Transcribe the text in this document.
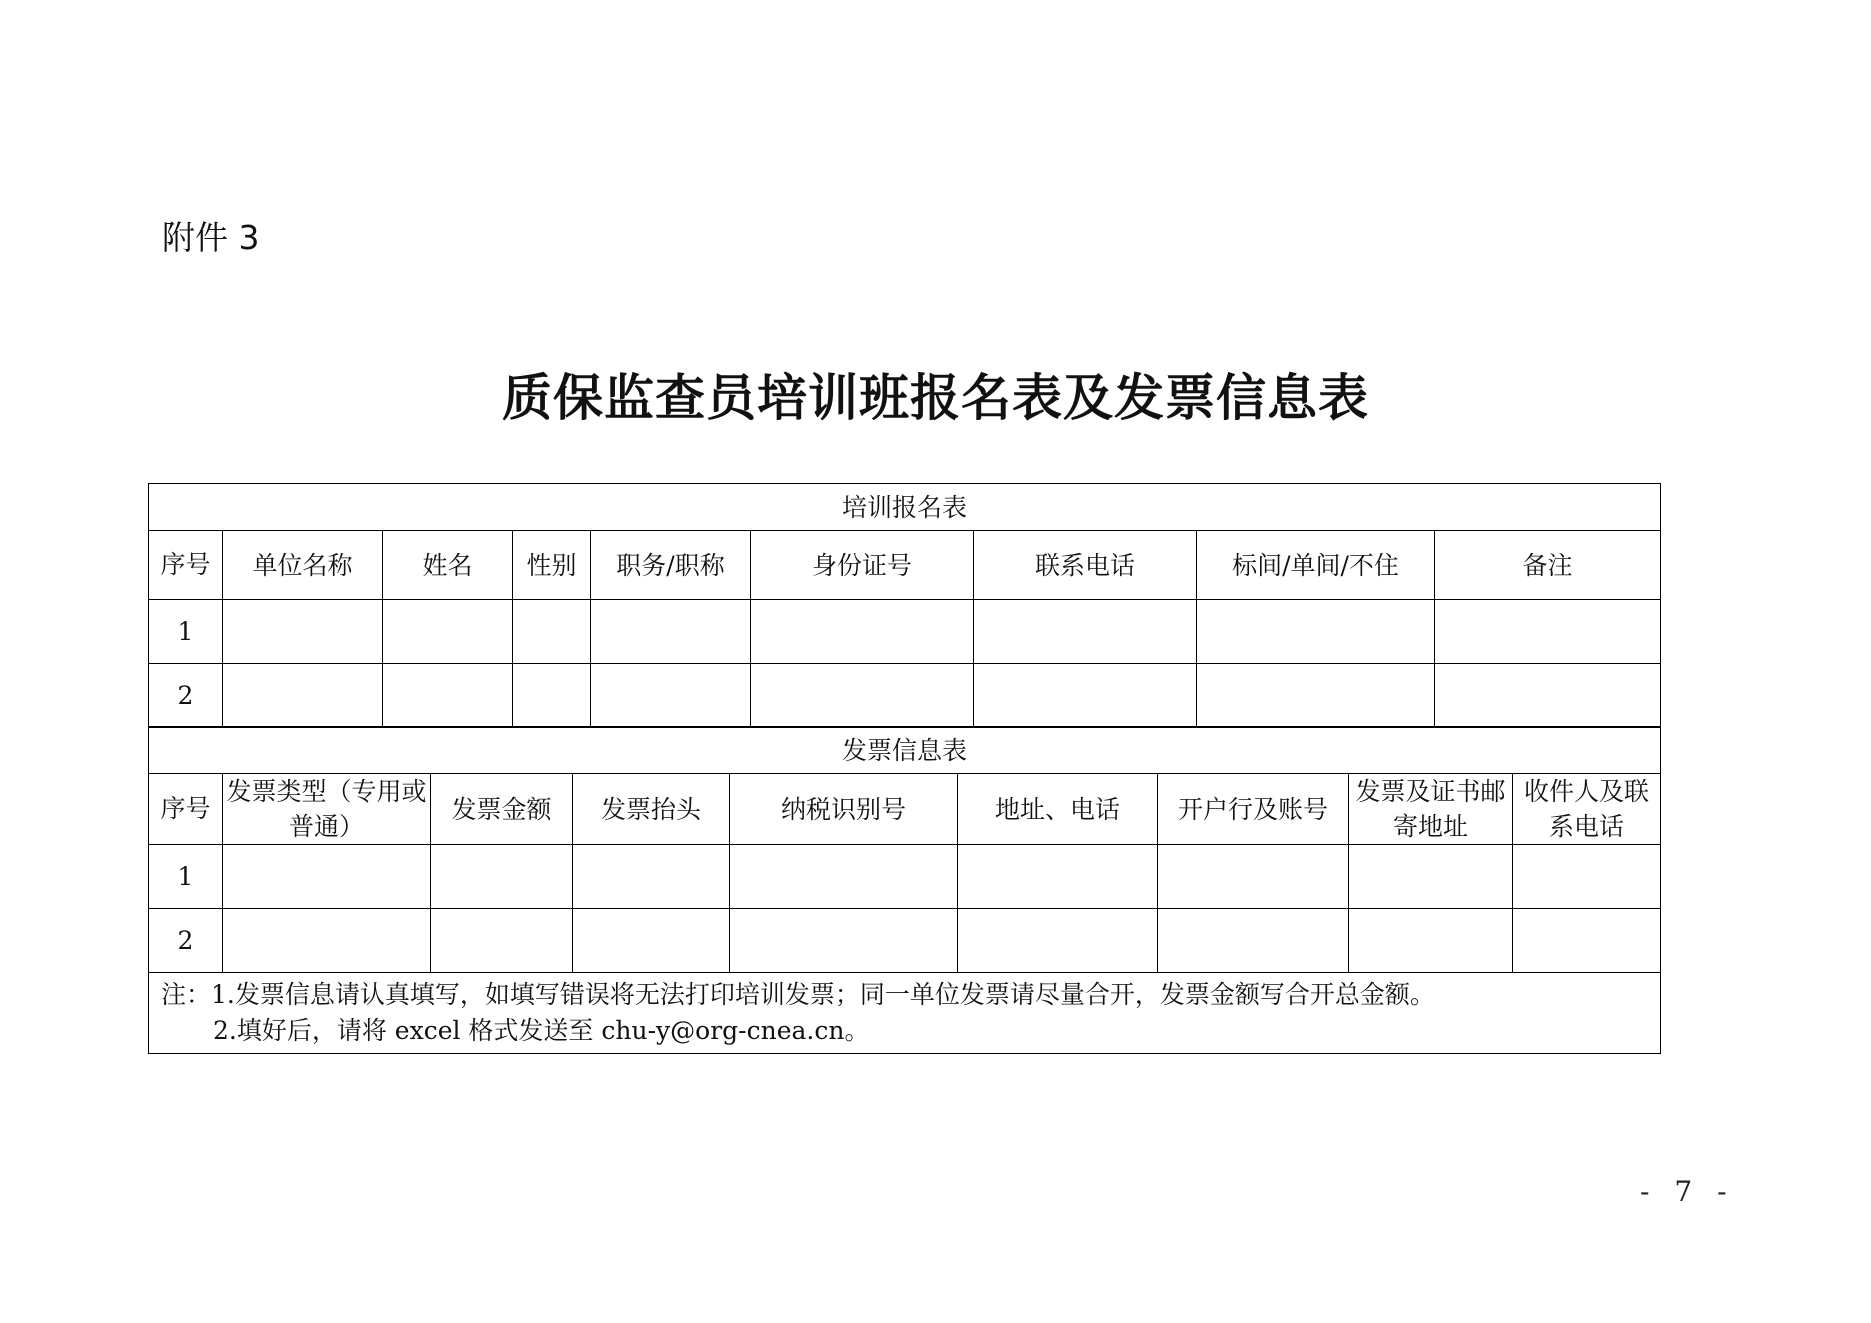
附件 3
质保监查员培训班报名表及发票信息表
培训报名表								
序号	单位名称	姓名	性别	职务/职称	身份证号	联系电话	标间/单间/不住	备注
1								
2								
发票信息表								
序号	发票类型（专用或普通）	发票金额	发票抬头	纳税识别号	地址、电话	开户行及账号	发票及证书邮寄地址	收件人及联系电话
1								
2								

注：1.发票信息请认真填写，如填写错误将无法打印培训发票；同一单位发票请尽量合开，发票金额写合开总金额。
2.填好后，请将 excel 格式发送至 chu-y@org-cnea.cn。								
- 7 -
